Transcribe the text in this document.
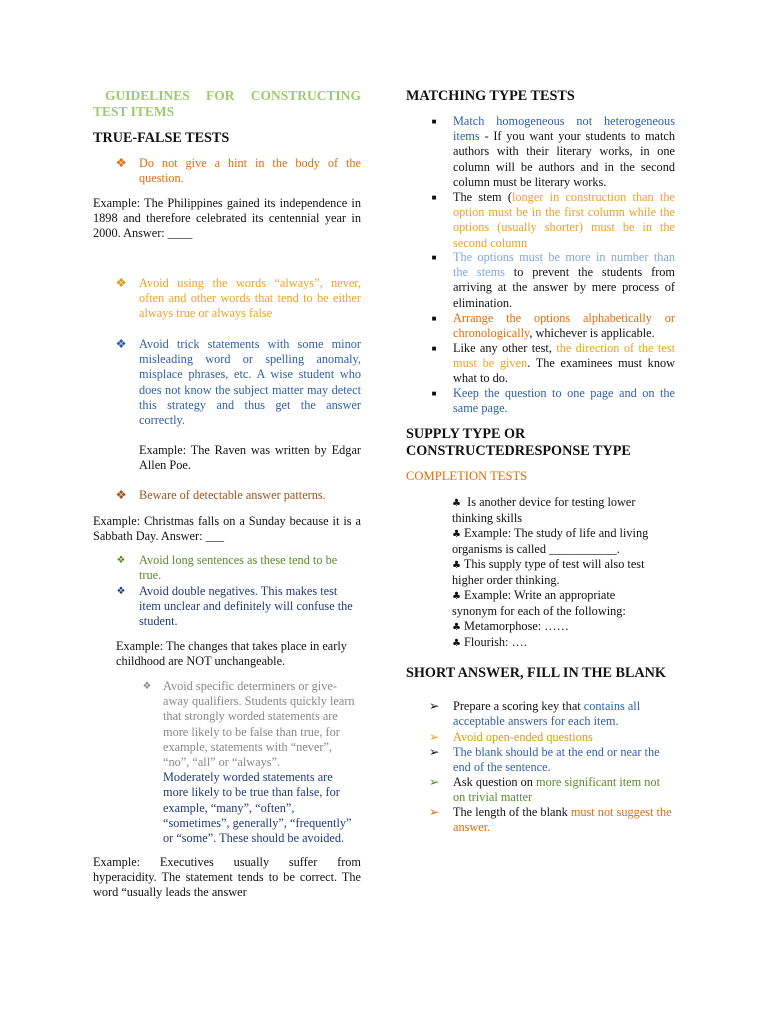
GUIDELINES FOR CONSTRUCTING
TEST ITEMS
TRUE-FALSE TESTS
❖ Do not give a hint in the body of the
question.
Example: The Philippines gained its independence in 1898 and therefore celebrated its centennial year in 2000. Answer: ____
❖ Avoid using the words “always”, never, often and other words that tend to be either always true or always false
❖ Avoid trick statements with some minor misleading word or spelling anomaly, misplace phrases, etc. A wise student who does not know the subject matter may detect this strategy and thus get the answer correctly.
Example: The Raven was written by Edgar Allen Poe.
❖ Beware of detectable answer patterns.
Example: Christmas falls on a Sunday because it is a Sabbath Day. Answer: ___
❖ Avoid long sentences as these tend to be true.
❖ Avoid double negatives. This makes test item unclear and definitely will confuse the student.
Example: The changes that takes place in early childhood are NOT unchangeable.
❖ Avoid specific determiners or give-away qualifiers. Students quickly learn that strongly worded statements are more likely to be false than true, for example, statements with “never”, “no”, “all” or “always”.
Moderately worded statements are more likely to be true than false, for example, “many”, “often”, “sometimes”, generally”, “frequently” or “some”. These should be avoided.
Example: Executives usually suffer from hyperacidity. The statement tends to be correct. The word “usually leads the answer
MATCHING TYPE TESTS
■	Match homogeneous not heterogeneous items - If you want your students to match authors with their literary works, in one column will be authors and in the second column must be literary works.
■	The stem (longer in construction than the option must be in the first column while the options (usually shorter) must be in the second column
■	The options must be more in number than the stems to prevent the students from arriving at the answer by mere process of elimination.
■	Arrange the options alphabetically or chronologically, whichever is applicable.
■	Like any other test, the direction of the test must be given. The examinees must know what to do.
■	Keep the question to one page and on the same page.
SUPPLY TYPE OR
CONSTRUCTEDRESPONSE TYPE
COMPLETION TESTS
♣ Is another device for testing lower thinking skills
♣ Example: The study of life and living organisms is called ___________.
♣ This supply type of test will also test higher order thinking.
♣ Example: Write an appropriate synonym for each of the following:
♣ Metamorphose: ……
♣ Flourish: ….
SHORT ANSWER, FILL IN THE BLANK
➢ Prepare a scoring key that contains all acceptable answers for each item.
➢ Avoid open-ended questions
➢ The blank should be at the end or near the end of the sentence.
➢ Ask question on more significant item not on trivial matter
➢ The length of the blank must not suggest the answer.
